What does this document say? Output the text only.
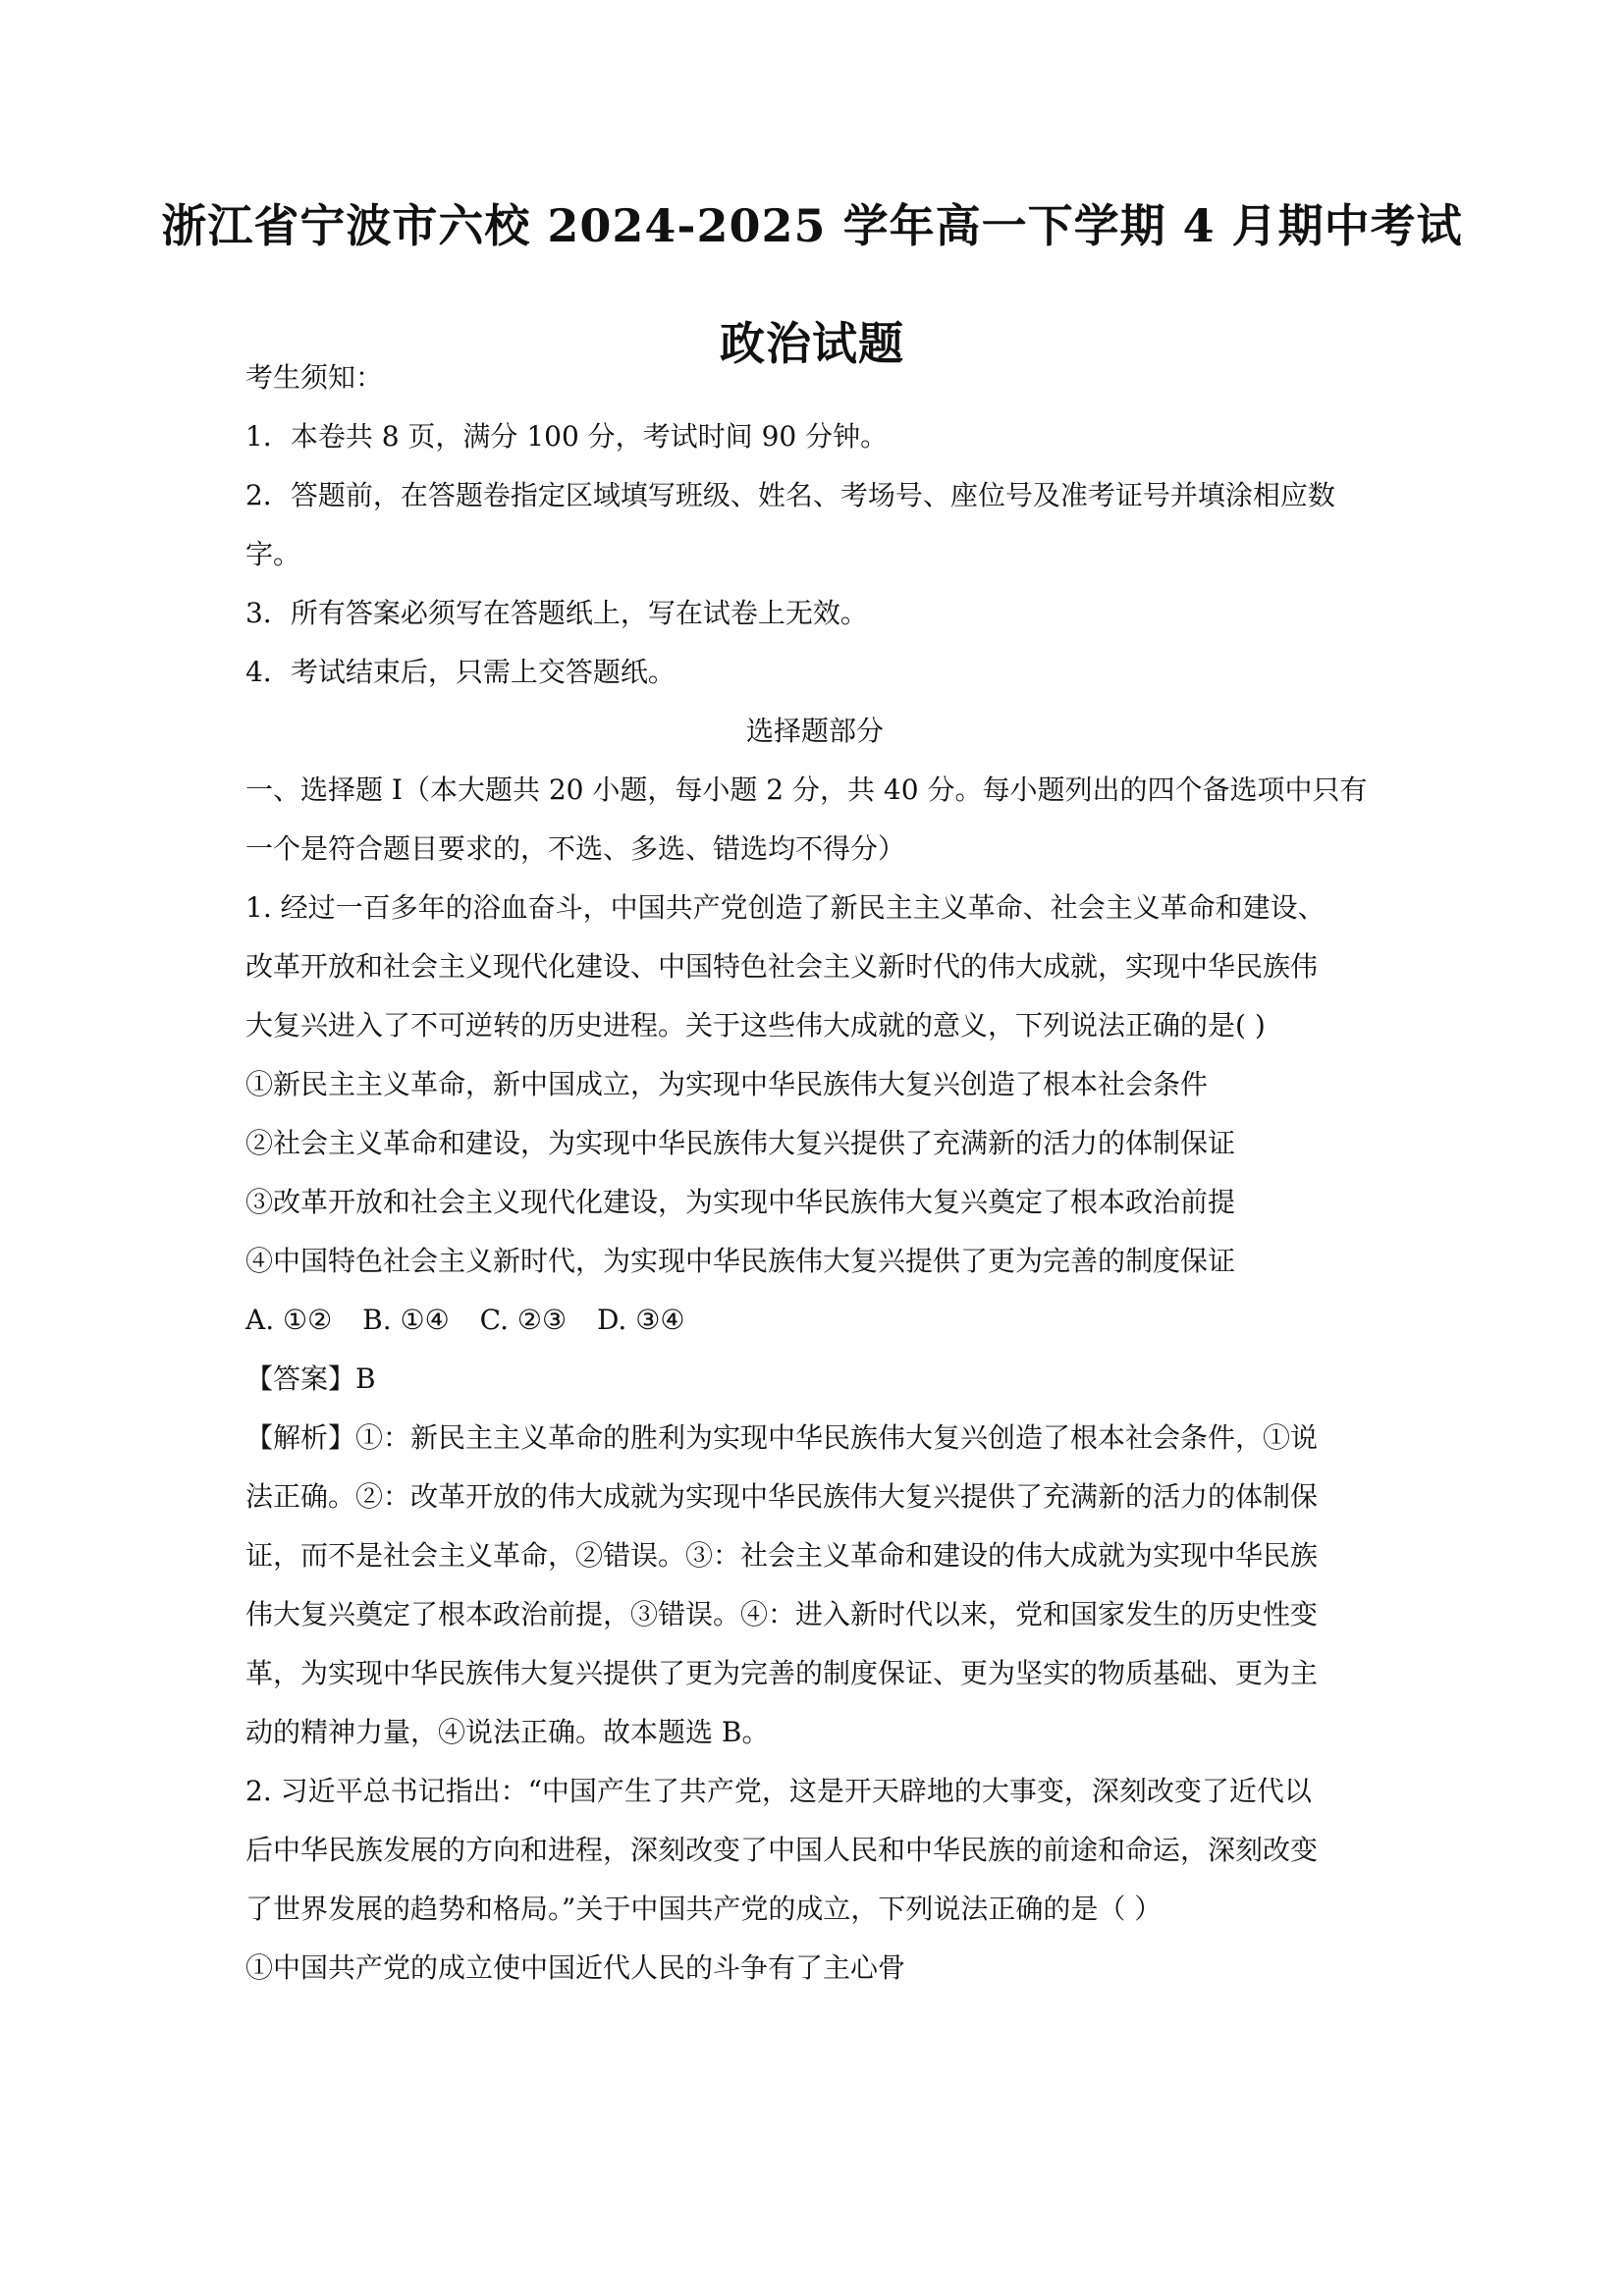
浙江省宁波市六校 2024-2025 学年高一下学期 4 月期中考试
政治试题
考生须知：
1．本卷共 8 页，满分 100 分，考试时间 90 分钟。
2．答题前，在答题卷指定区域填写班级、姓名、考场号、座位号及准考证号并填涂相应数
字。
3．所有答案必须写在答题纸上，写在试卷上无效。
4．考试结束后，只需上交答题纸。
选择题部分
一、选择题 I（本大题共 20 小题，每小题 2 分，共 40 分。每小题列出的四个备选项中只有
一个是符合题目要求的，不选、多选、错选均不得分）
1. 经过一百多年的浴血奋斗，中国共产党创造了新民主主义革命、社会主义革命和建设、
改革开放和社会主义现代化建设、中国特色社会主义新时代的伟大成就，实现中华民族伟
大复兴进入了不可逆转的历史进程。关于这些伟大成就的意义，下列说法正确的是( )
①新民主主义革命，新中国成立，为实现中华民族伟大复兴创造了根本社会条件
②社会主义革命和建设，为实现中华民族伟大复兴提供了充满新的活力的体制保证
③改革开放和社会主义现代化建设，为实现中华民族伟大复兴奠定了根本政治前提
④中国特色社会主义新时代，为实现中华民族伟大复兴提供了更为完善的制度保证
A. ①② B. ①④ C. ②③ D. ③④
【答案】B
【解析】①：新民主主义革命的胜利为实现中华民族伟大复兴创造了根本社会条件，①说
法正确。②：改革开放的伟大成就为实现中华民族伟大复兴提供了充满新的活力的体制保
证，而不是社会主义革命，②错误。③：社会主义革命和建设的伟大成就为实现中华民族
伟大复兴奠定了根本政治前提，③错误。④：进入新时代以来，党和国家发生的历史性变
革，为实现中华民族伟大复兴提供了更为完善的制度保证、更为坚实的物质基础、更为主
动的精神力量，④说法正确。故本题选 B。
2. 习近平总书记指出：“中国产生了共产党，这是开天辟地的大事变，深刻改变了近代以
后中华民族发展的方向和进程，深刻改变了中国人民和中华民族的前途和命运，深刻改变
了世界发展的趋势和格局。”关于中国共产党的成立，下列说法正确的是（ ）
①中国共产党的成立使中国近代人民的斗争有了主心骨
